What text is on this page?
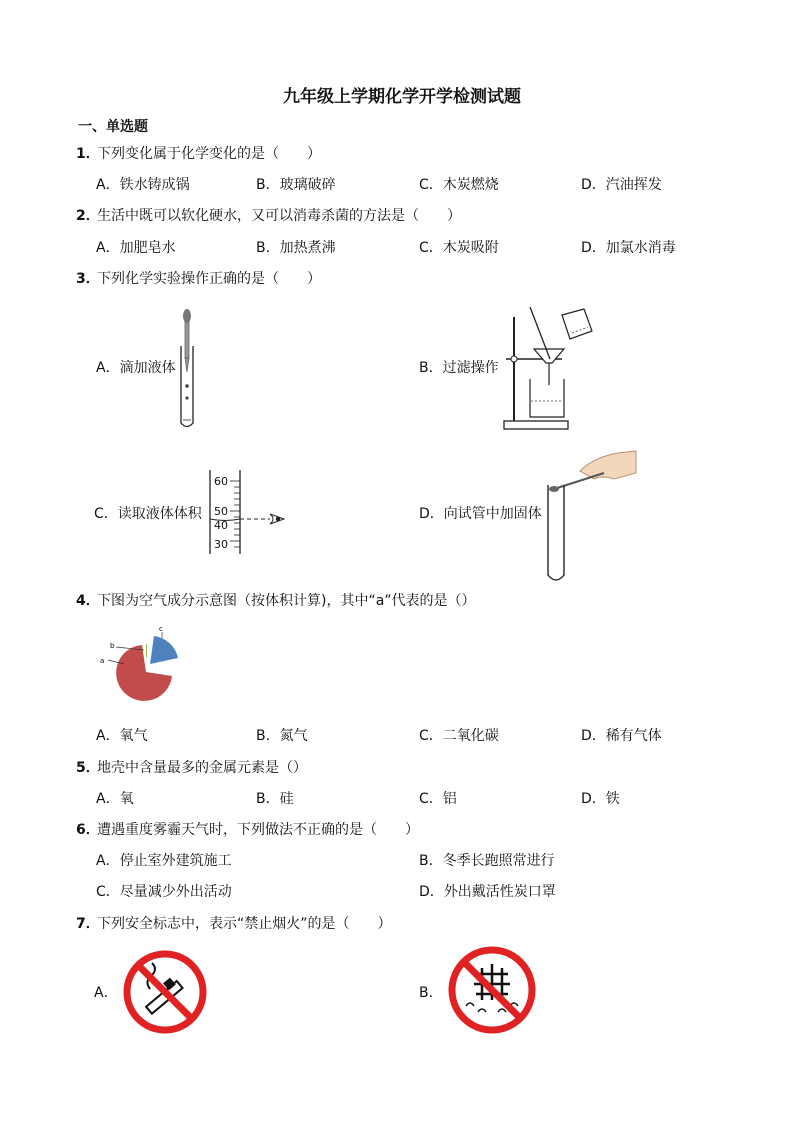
九年级上学期化学开学检测试题
一、单选题
1．
下列变化属于化学变化的是（　　）
A．铁水铸成锅	B．玻璃破碎	C．木炭燃烧	D．汽油挥发
2．
生活中既可以软化硬水，又可以消毒杀菌的方法是（　　）
A．加肥皂水	B．加热煮沸	C．木炭吸附	D．加氯水消毒
3．
下列化学实验操作正确的是（　　）
A．滴加液体	B．过滤操作
C．读取液体体积
60
50
40
30
D．向试管中加固体
4．
下图为空气成分示意图（按体积计算)，其中“a”代表的是（）
a
b
c
A．氧气	B．氮气	C．二氧化碳	D．稀有气体
5．
地壳中含量最多的金属元素是（）
A．氧	B．硅	C．铝	D．铁
6．
遭遇重度雾霾天气时，下列做法不正确的是（　　）
A．停止室外建筑施工	B．冬季长跑照常进行
C．尽量减少外出活动	D．外出戴活性炭口罩
7．
下列安全标志中，表示“禁止烟火”的是（　　）
A．	B．
